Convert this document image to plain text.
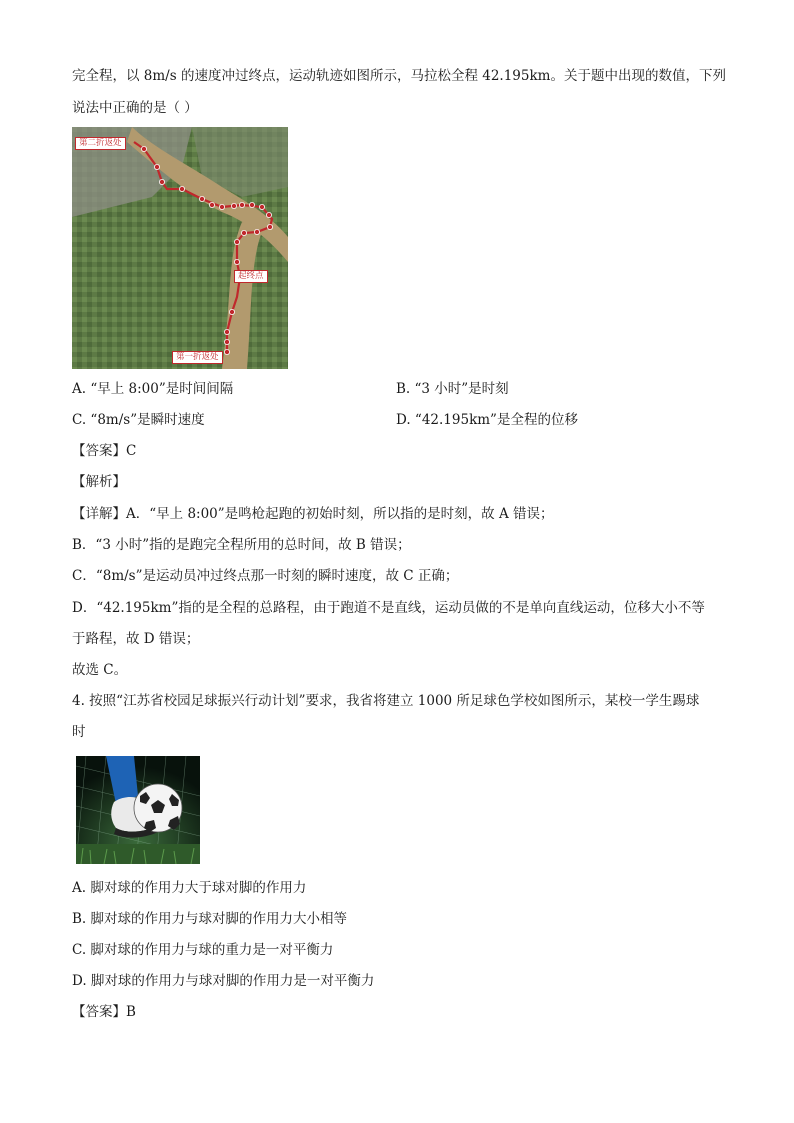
完全程，以 8m/s 的速度冲过终点，运动轨迹如图所示，马拉松全程 42.195km。关于题中出现的数值，下列
说法中正确的是（ ）
第二折返处
起终点
第一折返处
A. “早上 8:00”是时间间隔	B. “3 小时”是时刻
C. “8m/s”是瞬时速度	D. “42.195km”是全程的位移
【答案】C
【解析】
【详解】A．“早上 8:00”是鸣枪起跑的初始时刻，所以指的是时刻，故 A 错误；
B．“3 小时”指的是跑完全程所用的总时间，故 B 错误；
C．“8m/s”是运动员冲过终点那一时刻的瞬时速度，故 C 正确；
D．“42.195km”指的是全程的总路程，由于跑道不是直线，运动员做的不是单向直线运动，位移大小不等
于路程，故 D 错误；
故选 C。
4. 按照“江苏省校园足球振兴行动计划”要求，我省将建立 1000 所足球色学校如图所示，某校一学生踢球
时
A. 脚对球的作用力大于球对脚的作用力
B. 脚对球的作用力与球对脚的作用力大小相等
C. 脚对球的作用力与球的重力是一对平衡力
D. 脚对球的作用力与球对脚的作用力是一对平衡力
【答案】B
